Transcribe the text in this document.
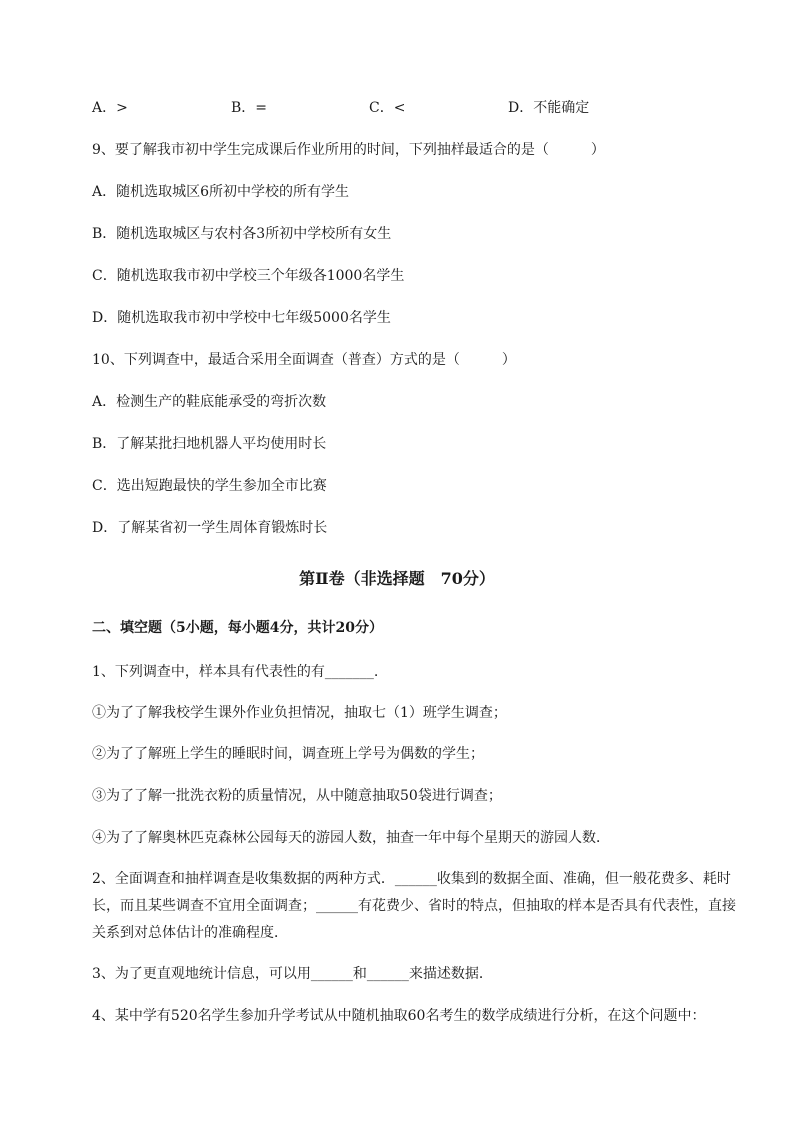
A．>	B．=	C．<	D．不能确定
9、要了解我市初中学生完成课后作业所用的时间，下列抽样最适合的是（　　　）
A．随机选取城区6所初中学校的所有学生
B．随机选取城区与农村各3所初中学校所有女生
C．随机选取我市初中学校三个年级各1000名学生
D．随机选取我市初中学校中七年级5000名学生
10、下列调查中，最适合采用全面调查（普查）方式的是（　　　）
A．检测生产的鞋底能承受的弯折次数
B．了解某批扫地机器人平均使用时长
C．选出短跑最快的学生参加全市比赛
D．了解某省初一学生周体育锻炼时长
第Ⅱ卷（非选择题　70分）
二、填空题（5小题，每小题4分，共计20分）
1、下列调查中，样本具有代表性的有_______.
①为了了解我校学生课外作业负担情况，抽取七（1）班学生调查；
②为了了解班上学生的睡眠时间，调查班上学号为偶数的学生；
③为了了解一批洗衣粉的质量情况，从中随意抽取50袋进行调查；
④为了了解奥林匹克森林公园每天的游园人数，抽查一年中每个星期天的游园人数．
2、全面调查和抽样调查是收集数据的两种方式．______收集到的数据全面、准确，但一般花费多、耗时长，而且某些调查不宜用全面调查；______有花费少、省时的特点，但抽取的样本是否具有代表性，直接关系到对总体估计的准确程度．
3、为了更直观地统计信息，可以用______和______来描述数据．
4、某中学有520名学生参加升学考试从中随机抽取60名考生的数学成绩进行分析，在这个问题中：
